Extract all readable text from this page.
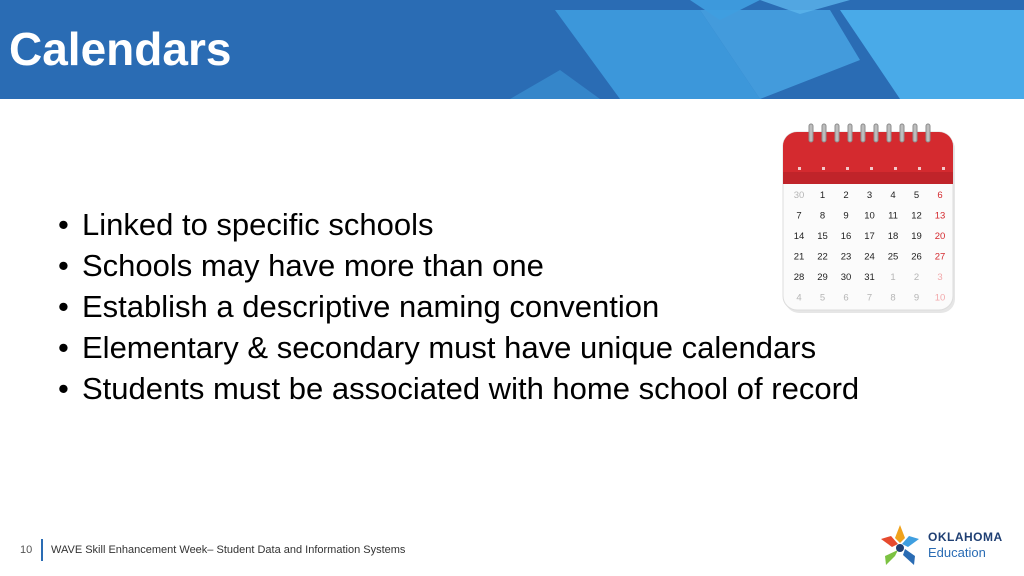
Calendars
• Linked to specific schools
• Schools may have more than one
• Establish a descriptive naming convention
• Elementary & secondary must have unique calendars
• Students must be associated with home school of record
30 1 2 3 4 5 6
7 8 9 10 11 12 13
14 15 16 17 18 19 20
21 22 23 24 25 26 27
28 29 30 31 1 2 3
4 5 6 7 8 9 10
10 WAVE Skill Enhancement Week– Student Data and Information Systems
OKLAHOMA
Education
